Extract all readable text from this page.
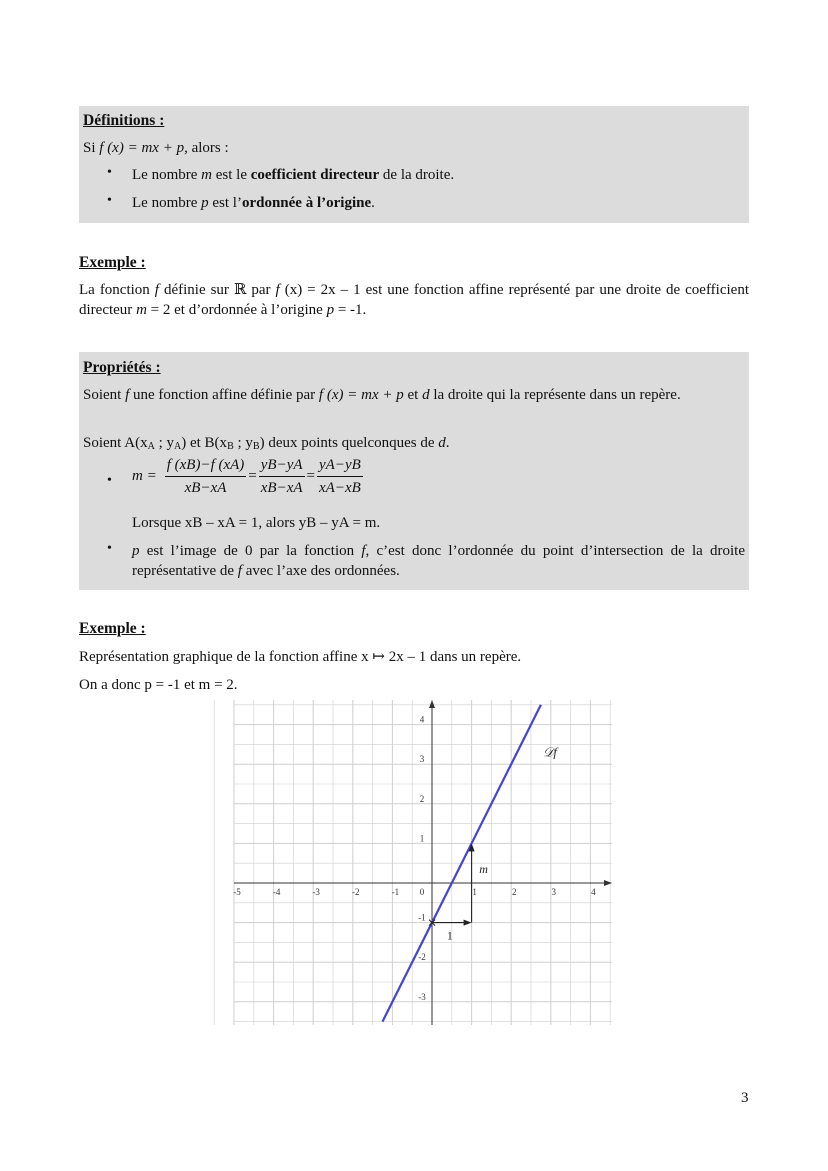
Définitions :
Si f (x) = mx + p, alors :
• Le nombre m est le coefficient directeur de la droite.
• Le nombre p est l’ordonnée à l’origine.
Exemple :
La fonction f définie sur ℝ par f (x) = 2x – 1 est une fonction affine représenté par une droite de coefficient directeur m = 2 et d’ordonnée à l’origine p = -1.
Propriétés :
Soient f une fonction affine définie par f (x) = mx + p et d la droite qui la représente dans un repère.
Soient $A(x_A$ ; $y_A$) et $B(x_B$ ; $y_B$) deux points quelconques de d.
• $m = \frac{f (xB)-f (xA)}{xB-xA} = \frac{yB-yA}{xB-xA} = \frac{yA-yB}{xA-xB}$
Lorsque xB – xA = 1, alors yB – yA = m.
• p est l’image de 0 par la fonction f, c’est donc l’ordonnée du point d’intersection de la droite représentative de f avec l’axe des ordonnées.
Exemple :
Représentation graphique de la fonction affine x ↦ 2x – 1 dans un repère.
On a donc p = -1 et m = 2.
-5	-4	-3	-2	-1 0	1	2	3	4
-3
-2
-1
1
2
3
4
1
m
𝒟f
3
